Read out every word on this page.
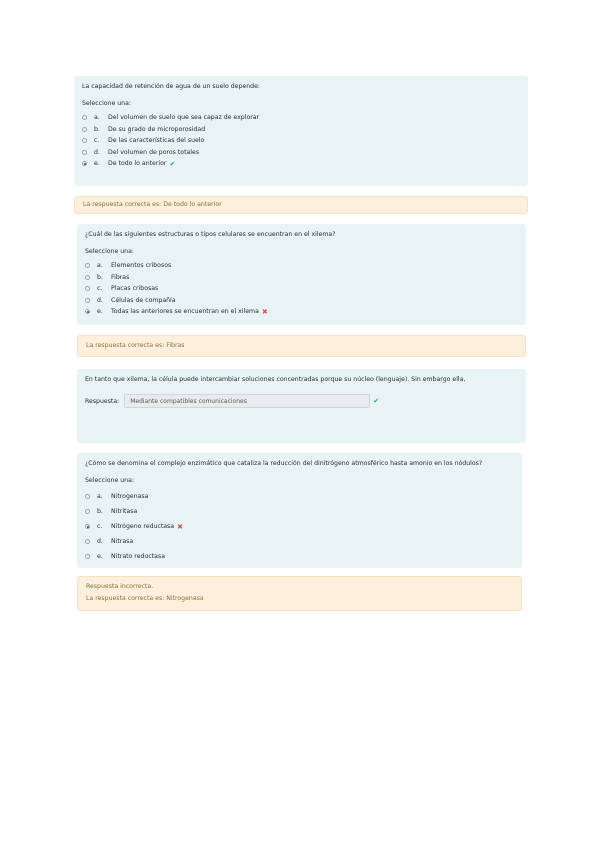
La capacidad de retención de agua de un suelo depende:

Seleccione una:
a.	Del volumen de suelo que sea capaz de explorar
b.	De su grado de microporosidad
c.	De las características del suelo
d.	Del volumen de poros totales
e.	De todo lo anterior ✔
La respuesta correcta es: De todo lo anterior

¿Cuál de las siguientes estructuras o tipos celulares se encuentran en el xilema?

Seleccione una:
a.	Elementos cribosos
b.	Fibras
c.	Placas cribosas
d.	Células de compañía
e.	Todas las anteriores se encuentran en el xilema ✖
La respuesta correcta es: Fibras

En tanto que xilema, la célula puede intercambiar soluciones concentradas porque su núcleo (lenguaje). Sin embargo ella,

Respuesta:	Mediante compatibles comunicaciones	✔

¿Cómo se denomina el complejo enzimático que cataliza la reducción del dinitrógeno atmosférico hasta amonio en los nódulos?

Seleccione una:
a.	Nitrogenasa
b.	Nitritasa
c.	Nitrógeno reductasa ✖
d.	Nitrasa
e.	Nitrato reductasa
Respuesta incorrecta.
La respuesta correcta es: Nitrogenasa
